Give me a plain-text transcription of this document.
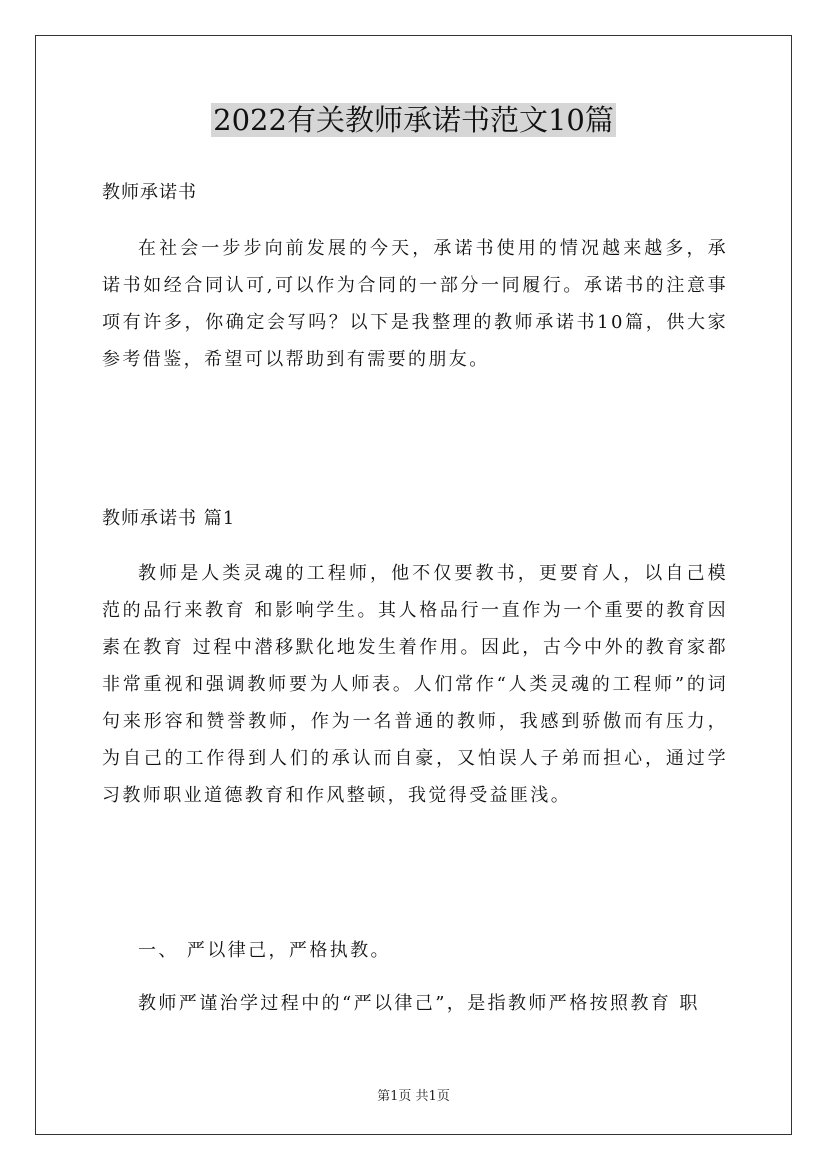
2022有关教师承诺书范文10篇
教师承诺书
在社会一步步向前发展的今天，承诺书使用的情况越来越多，承诺书如经合同认可,可以作为合同的一部分一同履行。承诺书的注意事项有许多，你确定会写吗？以下是我整理的教师承诺书10篇，供大家参考借鉴，希望可以帮助到有需要的朋友。
教师承诺书 篇1
教师是人类灵魂的工程师，他不仅要教书，更要育人，以自己模范的品行来教育 和影响学生。其人格品行一直作为一个重要的教育因素在教育 过程中潜移默化地发生着作用。因此，古今中外的教育家都非常重视和强调教师要为人师表。人们常作“人类灵魂的工程师”的词句来形容和赞誉教师，作为一名普通的教师，我感到骄傲而有压力，为自己的工作得到人们的承认而自豪，又怕误人子弟而担心，通过学习教师职业道德教育和作风整顿，我觉得受益匪浅。
一、 严以律己，严格执教。
教师严谨治学过程中的“严以律己”，是指教师严格按照教育 职
第1页 共1页
